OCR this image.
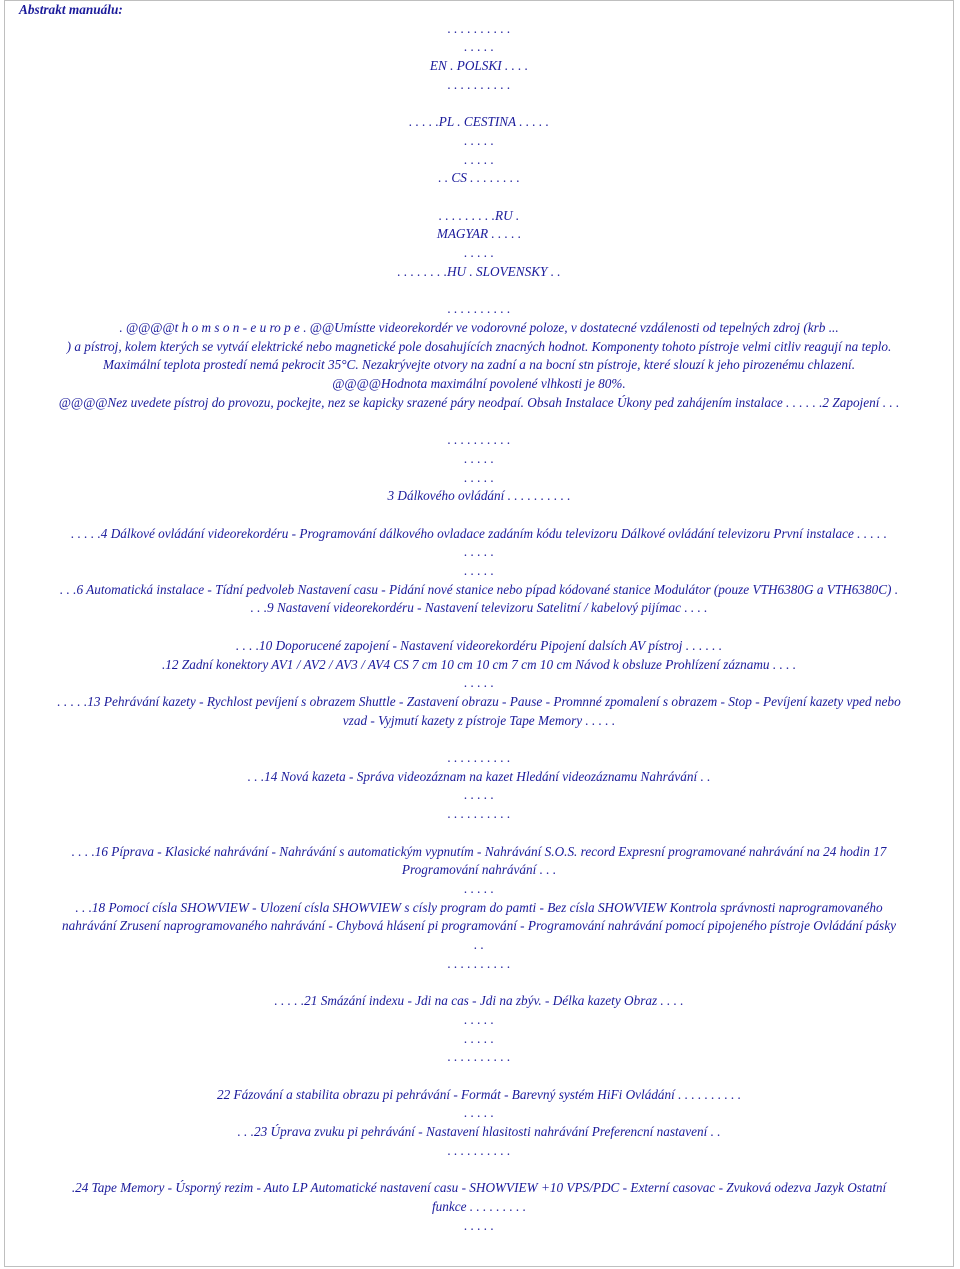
Abstrakt manuálu:
. . . . . . . . . .
. . . . .
EN . POLSKI . . . .
. . . . . . . . . .
. . . . .PL . CESTINA . . . . .
. . . . .
. . . . .
. . CS . . . . . . . .
. . . . . . . . .RU .
MAGYAR . . . . .
. . . . .
. . . . . . . .HU . SLOVENSKY . .
. . . . . . . . . .
. @@@@t h o m s o n - e u ro p e . @@Umístte videorekordér ve vodorovné poloze, v dostatecné vzdálenosti od tepelných zdroj (krb ...
) a pístroj, kolem kterých se vytváí elektrické nebo magnetické pole dosahujících znacných hodnot. Komponenty tohoto pístroje velmi citliv reagují na teplo.
Maximální teplota prostedí nemá pekrocit 35°C. Nezakrývejte otvory na zadní a na bocní stn pístroje, které slouzí k jeho pirozenému chlazení.
@@@@Hodnota maximální povolené vlhkosti je 80%.
@@@@Nez uvedete pístroj do provozu, pockejte, nez se kapicky srazené páry neodpaí. Obsah Instalace Úkony ped zahájením instalace . . . . . .2 Zapojení . . .
. . . . . . . . . .
. . . . .
. . . . .
3 Dálkového ovládání . . . . . . . . . .
. . . . .4 Dálkové ovládání videorekordéru - Programování dálkového ovladace zadáním kódu televizoru Dálkové ovládání televizoru První instalace . . . . .
. . . . .
. . . . .
. . .6 Automatická instalace - Tídní pedvoleb Nastavení casu - Pidání nové stanice nebo pípad kódované stanice Modulátor (pouze VTH6380G a VTH6380C) .
. . .9 Nastavení videorekordéru - Nastavení televizoru Satelitní / kabelový pijímac . . . .
. . . .10 Doporucené zapojení - Nastavení videorekordéru Pipojení dalsích AV pístroj . . . . . .
.12 Zadní konektory AV1 / AV2 / AV3 / AV4 CS 7 cm 10 cm 10 cm 7 cm 10 cm Návod k obsluze Prohlízení záznamu . . . .
. . . . .
. . . . .13 Pehrávání kazety - Rychlost pevíjení s obrazem Shuttle - Zastavení obrazu - Pause - Promnné zpomalení s obrazem - Stop - Pevíjení kazety vped nebo
vzad - Vyjmutí kazety z pístroje Tape Memory . . . . .
. . . . . . . . . .
. . .14 Nová kazeta - Správa videozáznam na kazet Hledání videozáznamu Nahrávání . .
. . . . .
. . . . . . . . . .
. . . .16 Píprava - Klasické nahrávání - Nahrávání s automatickým vypnutím - Nahrávání S.O.S. record Expresní programované nahrávání na 24 hodin 17
Programování nahrávání . . .
. . . . .
. . .18 Pomocí císla SHOWVIEW - Ulození císla SHOWVIEW s císly program do pamti - Bez císla SHOWVIEW Kontrola správnosti naprogramovaného
nahrávání Zrusení naprogramovaného nahrávání - Chybová hlásení pi programování - Programování nahrávání pomocí pipojeného pístroje Ovládání pásky
. .
. . . . . . . . . .
. . . . .21 Smázání indexu - Jdi na cas - Jdi na zbýv. - Délka kazety Obraz . . . .
. . . . .
. . . . .
. . . . . . . . . .
22 Fázování a stabilita obrazu pi pehrávání - Formát - Barevný systém HiFi Ovládání . . . . . . . . . .
. . . . .
. . .23 Úprava zvuku pi pehrávání - Nastavení hlasitosti nahrávání Preferencní nastavení . .
. . . . . . . . . .
.24 Tape Memory - Úsporný rezim - Auto LP Automatické nastavení casu - SHOWVIEW +10 VPS/PDC - Externí casovac - Zvuková odezva Jazyk Ostatní
funkce . . . . . . . . .
. . . . .
